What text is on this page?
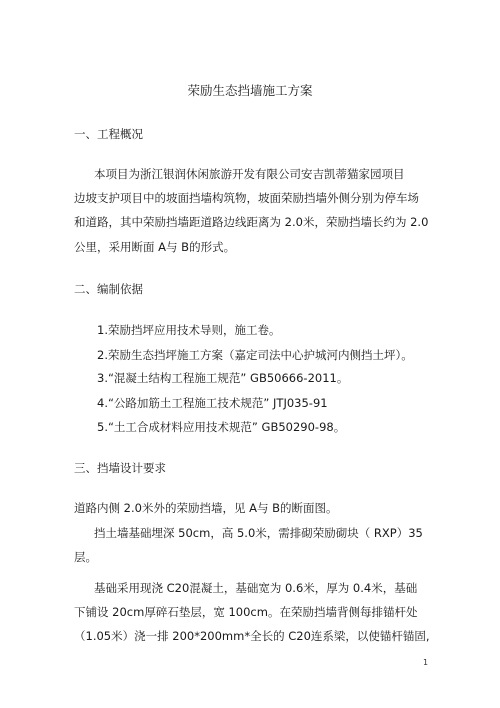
荣励生态挡墙施工方案
一、工程概况
本项目为浙江银润休闲旅游开发有限公司安吉凯蒂猫家园项目
边坡支护项目中的坡面挡墙构筑物，坡面荣励挡墙外侧分别为停车场
和道路，其中荣励挡墙距道路边线距离为 2.0米，荣励挡墙长约为 2.0
公里，采用断面 A与 B的形式。
二、编制依据
1.荣励挡坪应用技术导则，施工卷。
2.荣励生态挡坪施工方案（嘉定司法中心护城河内侧挡土坪）。
3.“混凝土结构工程施工规范” GB50666-2011。
4.“公路加筋土工程施工技术规范” JTJ035-91
5.“土工合成材料应用技术规范” GB50290-98。
三、挡墙设计要求
道路内侧 2.0米外的荣励挡墙，见 A与 B的断面图。
挡土墙基础埋深 50cm，高 5.0米，需排砌荣励砌块（ RXP）35
层。
基础采用现浇 C20混凝土，基础宽为 0.6米，厚为 0.4米，基础
下铺设 20cm厚碎石垫层，宽 100cm。在荣励挡墙背侧每排锚杆处
（1.05米）浇一排 200*200mm*全长的 C20连系梁，以使锚杆锚固,
1
